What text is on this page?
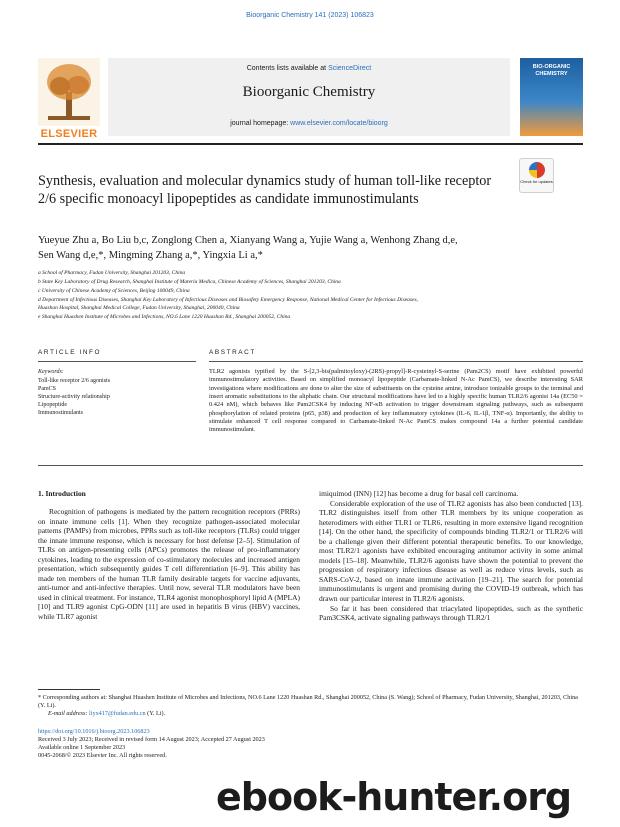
Bioorganic Chemistry 141 (2023) 106823
ELSEVIER
Contents lists available at ScienceDirect
Bioorganic Chemistry
journal homepage: www.elsevier.com/locate/bioorg
BIO-ORGANIC CHEMISTRY
Synthesis, evaluation and molecular dynamics study of human toll-like receptor 2/6 specific monoacyl lipopeptides as candidate immunostimulants
Check for updates
Yueyue Zhu a, Bo Liu b,c, Zonglong Chen a, Xianyang Wang a, Yujie Wang a, Wenhong Zhang d,e,
Sen Wang d,e,*, Mingming Zhang a,*, Yingxia Li a,*
a School of Pharmacy, Fudan University, Shanghai 201203, China
b State Key Laboratory of Drug Research, Shanghai Institute of Materia Medica, Chinese Academy of Sciences, Shanghai 201203, China
c University of Chinese Academy of Sciences, Beijing 100049, China
d Department of Infectious Diseases, Shanghai Key Laboratory of Infectious Diseases and Biosafety Emergency Response, National Medical Center for Infectious Diseases,
Huashan Hospital, Shanghai Medical College, Fudan University, Shanghai, 200040, China
e Shanghai Huashen Institute of Microbes and Infections, NO.6 Lane 1220 Huashan Rd., Shanghai 200052, China
ARTICLE INFO	ABSTRACT
Keywords:
Toll-like receptor 2/6 agonists
PamCS
Structure-activity relationship
Lipopeptide
Immunostimulants
TLR2 agonists typified by the S-[2,3-bis(palmitoyloxy)-(2RS)-propyl]-R-cysteinyl-S-serine (Pam2CS) motif have exhibited powerful immunostimulatory activities. Based on simplified monoacyl lipopeptide (Carbamate-linked N-Ac PamCS), we describe interesting SAR investigations where modifications are done to alter the size of substituents on the cysteine amine, introduce ionizable groups to the terminal and insert aromatic substitutions to the aliphatic chain. Our structural modifications have led to a highly specific human TLR2/6 agonist 14a (EC50 = 0.424 nM), which behaves like Pam2CSK4 by inducing NF-κB activation to trigger downstream signaling pathways, such as subsequent phosphorylation of related proteins (p65, p38) and production of key inflammatory cytokines (IL-6, IL-1β, TNF-α). Importantly, the ability to stimulate enhanced T cell response compared to Carbamate-linked N-Ac PamCS makes compound 14a a further potential candidate immunostimulant.
1. Introduction

Recognition of pathogens is mediated by the pattern recognition receptors (PRRs) on innate immune cells [1]. When they recognize pathogen-associated molecular patterns (PAMPs) from microbes, PPRs such as toll-like receptors (TLRs) could trigger the innate immune response, which is necessary for host defense [2–5]. Stimulation of TLRs on antigen-presenting cells (APCs) promotes the release of pro-inflammatory cytokines, leading to the expression of co-stimulatory molecules and increased antigen presentation, which subsequently guides T cell differentiation [6–9]. This ability has made ten members of the human TLR family desirable targets for vaccine adjuvants, anti-tumor and anti-infective therapies. Until now, several TLR modulators have been used in clinical treatment. For instance, TLR4 agonist monophosphoryl lipid A (MPLA) [10] and TLR9 agonist CpG-ODN [11] are used in hepatitis B virus (HBV) vaccines, while TLR7 agonist

imiquimod (INN) [12] has become a drug for basal cell carcinoma.

Considerable exploration of the use of TLR2 agonists has also been conducted [13]. TLR2 distinguishes itself from other TLR members by its unique cooperation as heterodimers with either TLR1 or TLR6, resulting in more extensive ligand recognition [14]. On the other hand, the specificity of compounds binding TLR2/1 or TLR2/6 will be a challenge given their different potential therapeutic benefits. To our knowledge, most TLR2/1 agonists have exhibited encouraging antitumor activity in some animal models [15–18]. Meanwhile, TLR2/6 agonists have shown the potential to prevent the progression of respiratory infectious disease as well as reduce virus levels, such as SARS-CoV-2, based on innate immune activation [19–21]. The search for potential immunostimulants is urgent and promising during the COVID-19 outbreak, which has drawn our particular interest in TLR2/6 agonists.

So far it has been considered that triacylated lipopeptides, such as the synthetic Pam3CSK4, activate signaling pathways through TLR2/1

* Corresponding authors at: Shanghai Huashen Institute of Microbes and Infections, NO.6 Lane 1220 Huashan Rd., Shanghai 200052, China (S. Wang); School of Pharmacy, Fudan University, Shanghai, 201203, China (Y. Li).
E-mail address: liyx417@fudan.edu.cn (Y. Li).
https://doi.org/10.1016/j.bioorg.2023.106823
Received 3 July 2023; Received in revised form 14 August 2023; Accepted 27 August 2023
Available online 1 September 2023
0045-2068/© 2023 Elsevier Inc. All rights reserved.
ebook-hunter.org
